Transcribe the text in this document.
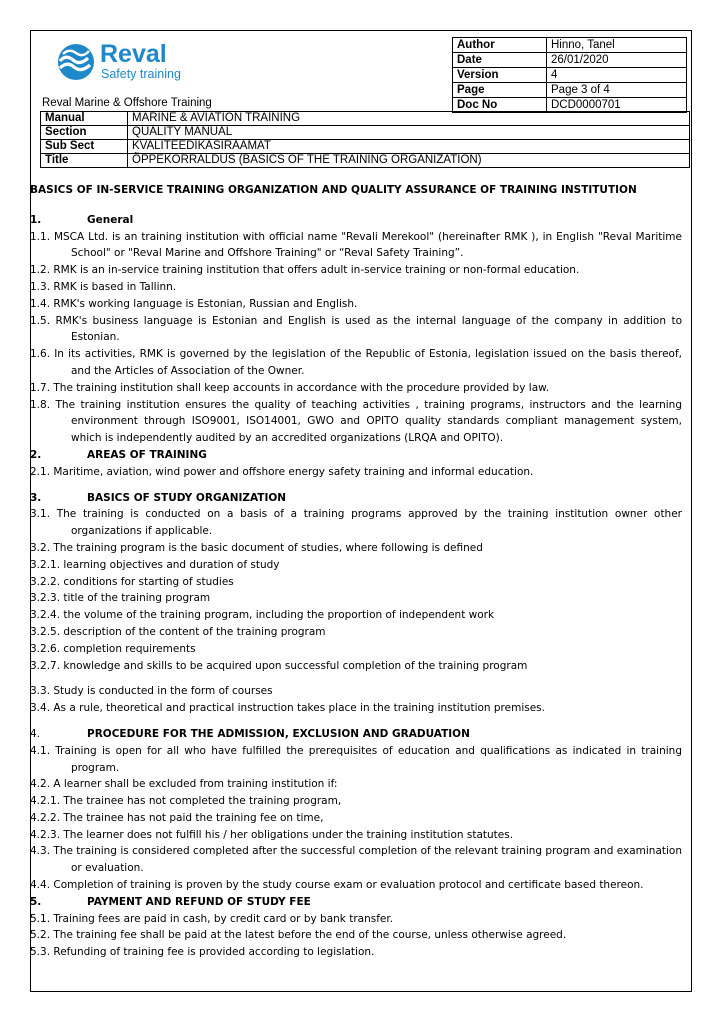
Reval
Safety training
Reval Marine & Offshore Training
Author	Hinno, Tanel
Date	26/01/2020
Version	4
Page	Page 3 of 4
Doc No	DCD0000701
Manual	MARINE & AVIATION TRAINING
Section	QUALITY MANUAL
Sub Sect	KVALITEEDIKÄSIRAAMAT
Title	ÕPPEKORRALDUS (BASICS OF THE TRAINING ORGANIZATION)

BASICS OF IN-SERVICE TRAINING ORGANIZATION AND QUALITY ASSURANCE OF TRAINING INSTITUTION

1.	General

1.1. MSCA Ltd. is an training institution with official name "Revali Merekool" (hereinafter RMK ), in English "Reval Maritime School" or "Reval Marine and Offshore Training" or “Reval Safety Training”.

1.2. RMK is an in-service training institution that offers adult in-service training or non-formal education.

1.3. RMK is based in Tallinn.

1.4. RMK's working language is Estonian, Russian and English.

1.5. RMK's business language is Estonian and English is used as the internal language of the company in addition to Estonian.

1.6. In its activities, RMK is governed by the legislation of the Republic of Estonia, legislation issued on the basis thereof, and the Articles of Association of the Owner.

1.7. The training institution shall keep accounts in accordance with the procedure provided by law.

1.8. The training institution ensures the quality of teaching activities , training programs, instructors and the learning environment through ISO9001, ISO14001, GWO and OPITO quality standards compliant management system, which is independently audited by an accredited organizations (LRQA and OPITO).

2.	AREAS OF TRAINING

2.1. Maritime, aviation, wind power and offshore energy safety training and informal education.

3.	BASICS OF STUDY ORGANIZATION

3.1. The training is conducted on a basis of a training programs approved by the training institution owner other organizations if applicable.

3.2. The training program is the basic document of studies, where following is defined

3.2.1. learning objectives and duration of study

3.2.2. conditions for starting of studies

3.2.3. title of the training program

3.2.4. the volume of the training program, including the proportion of independent work

3.2.5. description of the content of the training program

3.2.6. completion requirements

3.2.7. knowledge and skills to be acquired upon successful completion of the training program

3.3. Study is conducted in the form of courses

3.4. As a rule, theoretical and practical instruction takes place in the training institution premises.

4.	PROCEDURE FOR THE ADMISSION, EXCLUSION AND GRADUATION

4.1. Training is open for all who have fulfilled the prerequisites of education and qualifications as indicated in training program.

4.2. A learner shall be excluded from training institution if:

4.2.1. The trainee has not completed the training program,

4.2.2. The trainee has not paid the training fee on time,

4.2.3. The learner does not fulfill his / her obligations under the training institution statutes.

4.3. The training is considered completed after the successful completion of the relevant training program and examination or evaluation.

4.4. Completion of training is proven by the study course exam or evaluation protocol and certificate based thereon.

5.	PAYMENT AND REFUND OF STUDY FEE

5.1. Training fees are paid in cash, by credit card or by bank transfer.

5.2. The training fee shall be paid at the latest before the end of the course, unless otherwise agreed.

5.3. Refunding of training fee is provided according to legislation.
